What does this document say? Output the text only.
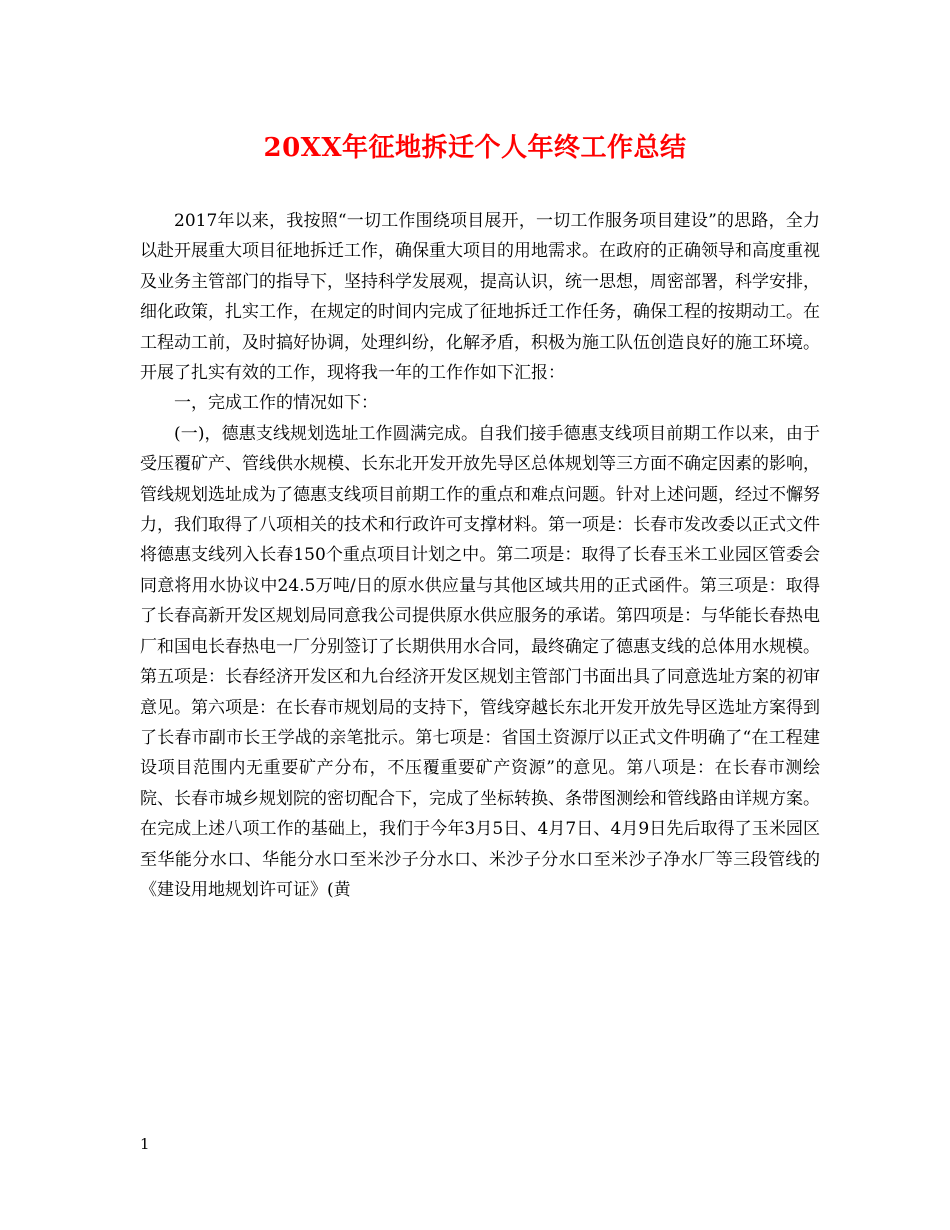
20XX年征地拆迁个人年终工作总结

2017年以来，我按照“一切工作围绕项目展开，一切工作服务项目建设”的思路，全力以赴开展重大项目征地拆迁工作，确保重大项目的用地需求。在政府的正确领导和高度重视及业务主管部门的指导下，坚持科学发展观，提高认识，统一思想，周密部署，科学安排，细化政策，扎实工作，在规定的时间内完成了征地拆迁工作任务，确保工程的按期动工。在工程动工前，及时搞好协调，处理纠纷，化解矛盾，积极为施工队伍创造良好的施工环境。开展了扎实有效的工作，现将我一年的工作作如下汇报：

一，完成工作的情况如下：

(一)，德惠支线规划选址工作圆满完成。自我们接手德惠支线项目前期工作以来，由于受压覆矿产、管线供水规模、长东北开发开放先导区总体规划等三方面不确定因素的影响，管线规划选址成为了德惠支线项目前期工作的重点和难点问题。针对上述问题，经过不懈努力，我们取得了八项相关的技术和行政许可支撑材料。第一项是：长春市发改委以正式文件将德惠支线列入长春150个重点项目计划之中。第二项是：取得了长春玉米工业园区管委会同意将用水协议中24.5万吨/日的原水供应量与其他区域共用的正式函件。第三项是：取得了长春高新开发区规划局同意我公司提供原水供应服务的承诺。第四项是：与华能长春热电厂和国电长春热电一厂分别签订了长期供用水合同，最终确定了德惠支线的总体用水规模。第五项是：长春经济开发区和九台经济开发区规划主管部门书面出具了同意选址方案的初审意见。第六项是：在长春市规划局的支持下，管线穿越长东北开发开放先导区选址方案得到了长春市副市长王学战的亲笔批示。第七项是：省国土资源厅以正式文件明确了“在工程建设项目范围内无重要矿产分布，不压覆重要矿产资源”的意见。第八项是：在长春市测绘院、长春市城乡规划院的密切配合下，完成了坐标转换、条带图测绘和管线路由详规方案。在完成上述八项工作的基础上，我们于今年3月5日、4月7日、4月9日先后取得了玉米园区至华能分水口、华能分水口至米沙子分水口、米沙子分水口至米沙子净水厂等三段管线的《建设用地规划许可证》(黄

1
